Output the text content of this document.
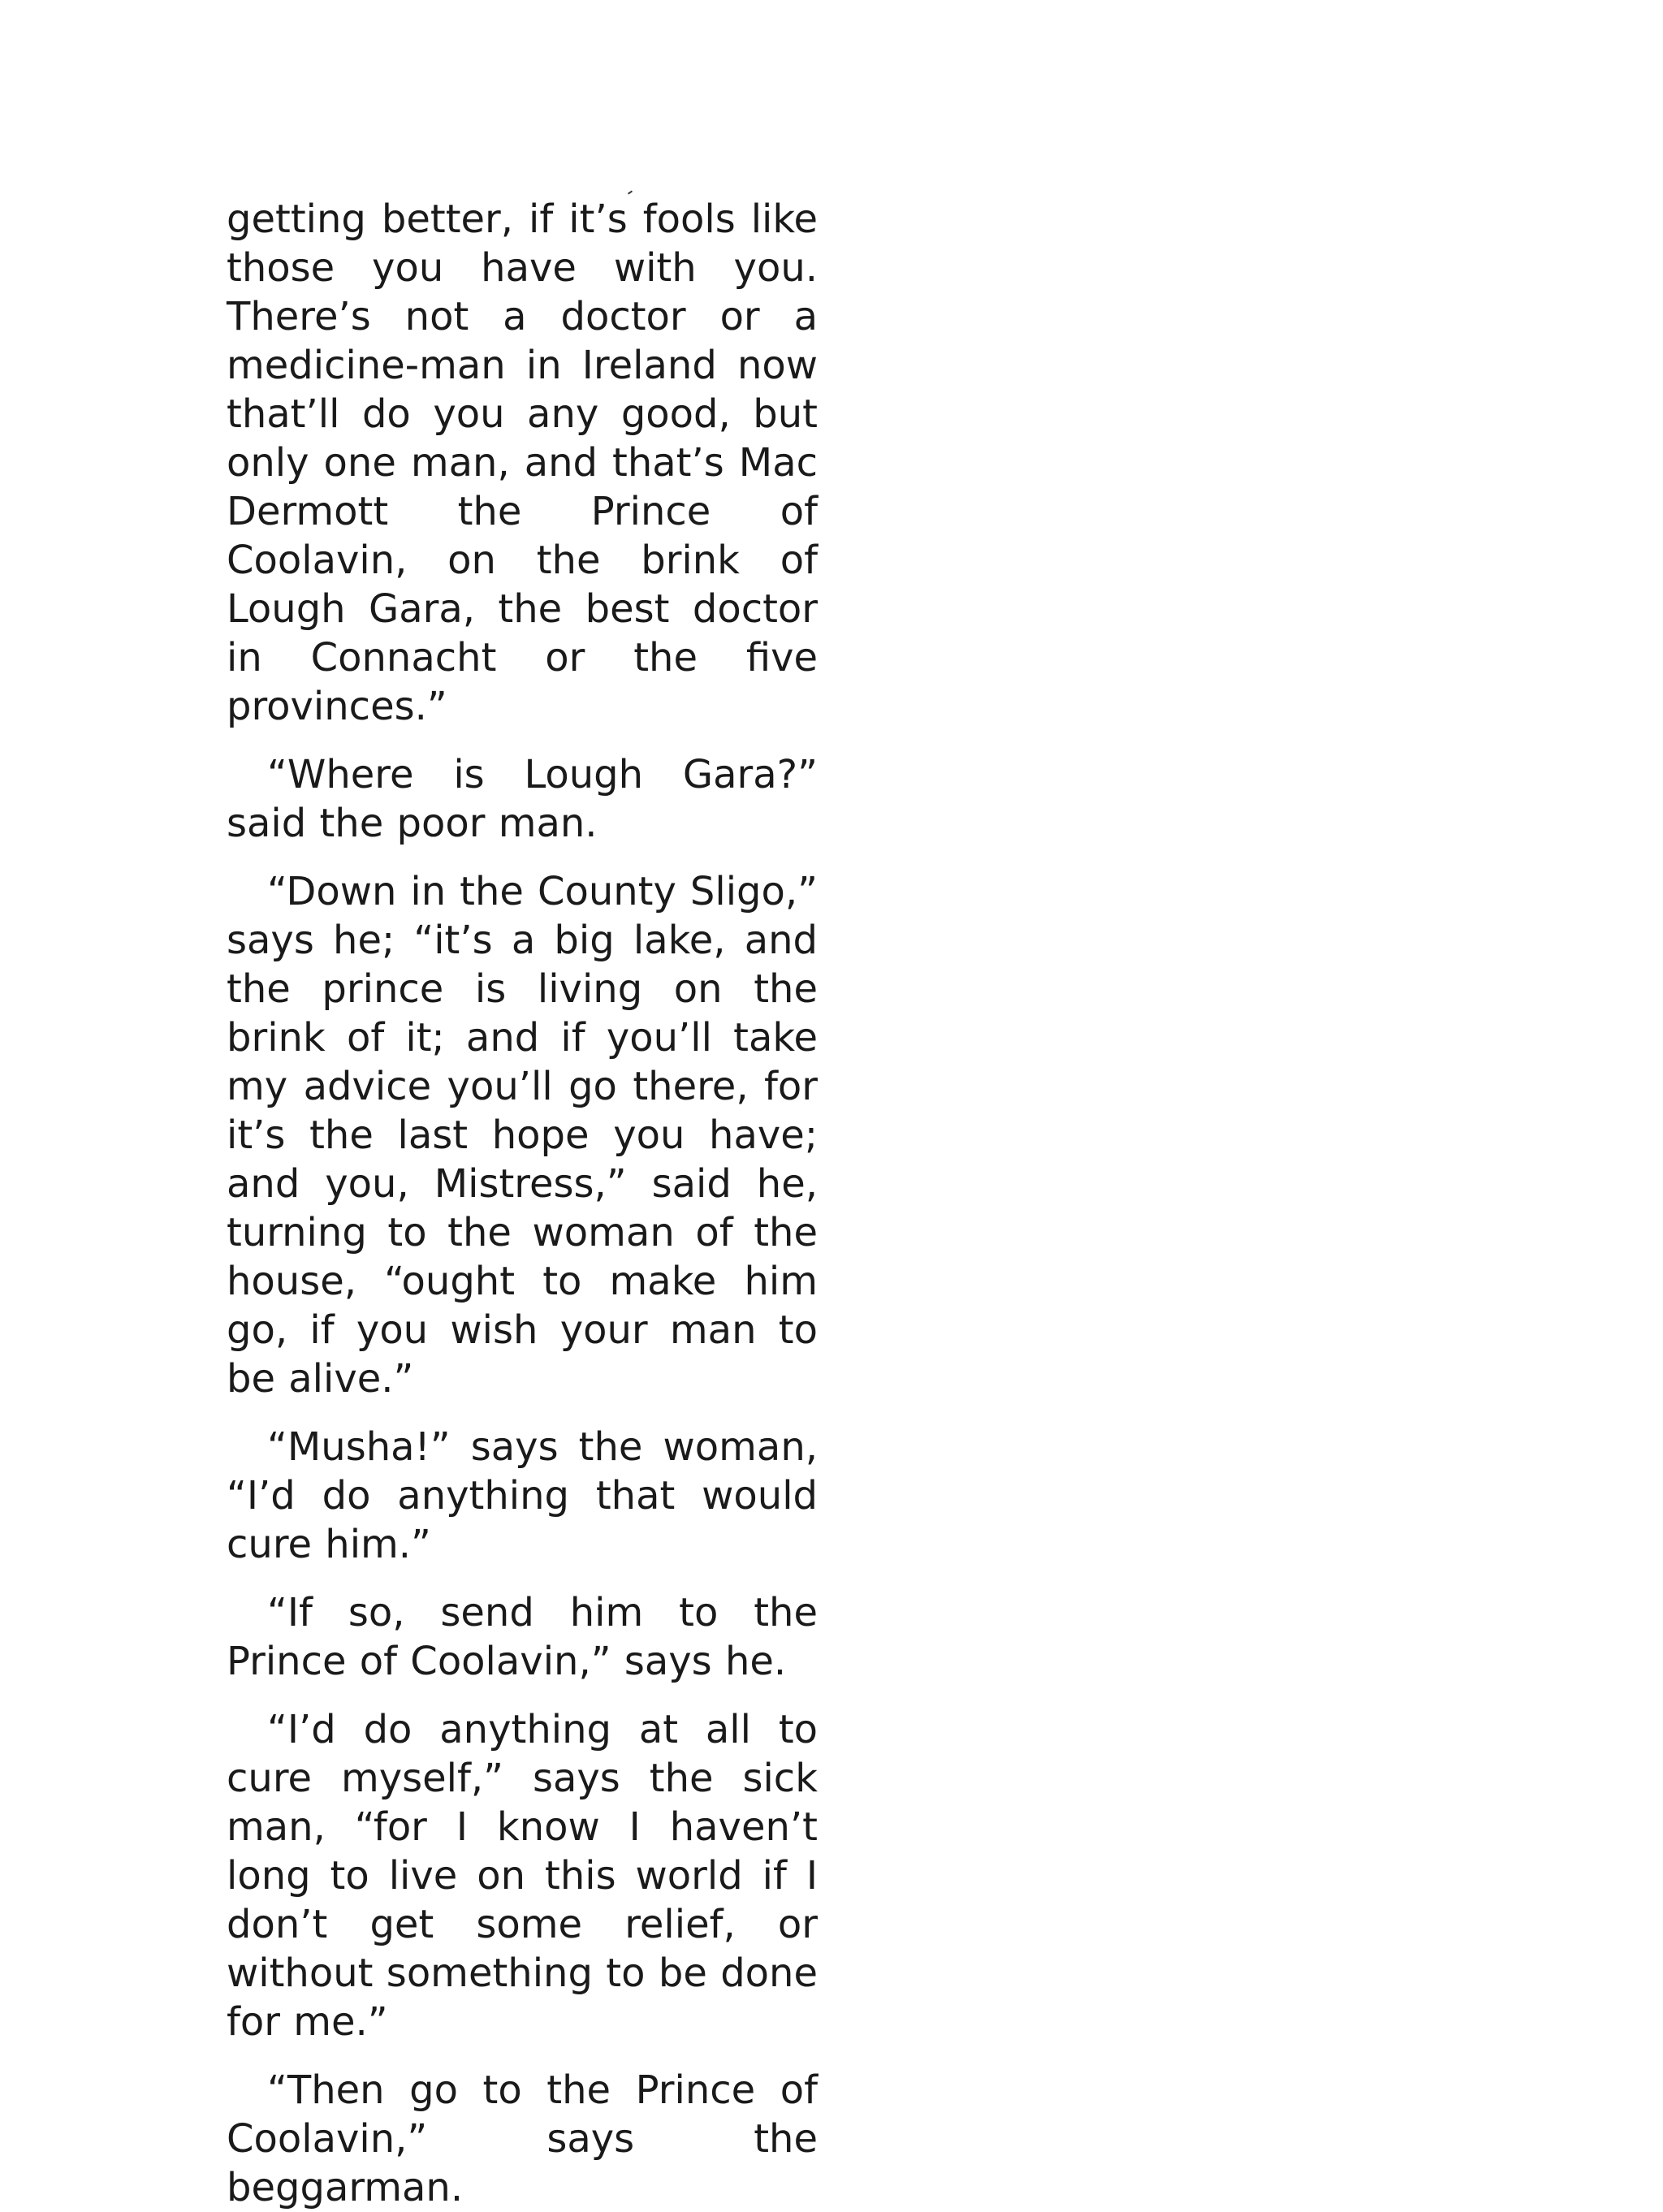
getting better, if it’s fools like those you have with you. There’s not a doctor or a medicine-man in Ireland now that’ll do you any good, but only one man, and that’s Mac Dermott the Prince of Coolavin, on the brink of Lough Gara, the best doctor in Connacht or the five provinces.”

“Where is Lough Gara?” said the poor man.

“Down in the County Sligo,” says he; “it’s a big lake, and the prince is living on the brink of it; and if you’ll take my advice you’ll go there, for it’s the last hope you have; and you, Mistress,” said he, turning to the woman of the house, “ought to make him go, if you wish your man to be alive.”

“Musha!” says the woman, “I’d do anything that would cure him.”

“If so, send him to the Prince of Coolavin,” says he.

“I’d do anything at all to cure myself,” says the sick man, “for I know I haven’t long to live on this world if I don’t get some relief, or without something to be done for me.”

“Then go to the Prince of Coolavin,” says the beggarman.
